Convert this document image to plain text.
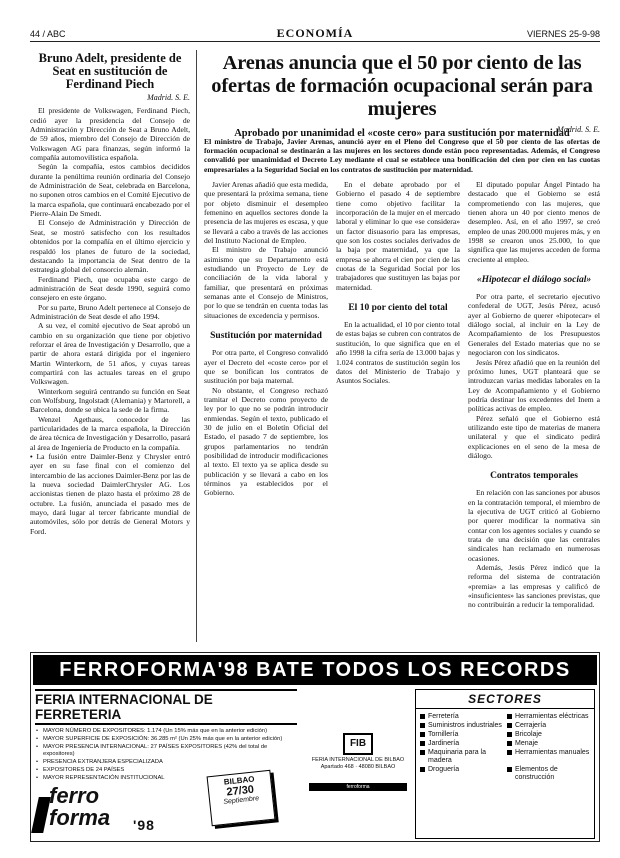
44 / ABC	ECONOMÍA	VIERNES 25-9-98
Bruno Adelt, presidente de Seat en sustitución de Ferdinand Piech
Madrid. S. E.

El presidente de Volkswagen, Ferdinand Piech, cedió ayer la presidencia del Consejo de Administración y Dirección de Seat a Bruno Adelt, de 59 años, miembro del Consejo de Dirección de Volkswagen AG para finanzas, según informó la compañía automovilística española.

Según la compañía, estos cambios decididos durante la penúltima reunión ordinaria del Consejo de Administración de Seat, celebrada en Barcelona, no suponen otros cambios en el Comité Ejecutivo de la marca española, que continuará encabezado por el Pierre-Alain De Smedt.

El Consejo de Administración y Dirección de Seat, se mostró satisfecho con los resultados obtenidos por la compañía en el último ejercicio y respaldó los planes de futuro de la sociedad, destacando la importancia de Seat dentro de la estrategia global del consorcio alemán.

Ferdinand Piech, que ocupaba este cargo de administración de Seat desde 1990, seguirá como consejero en este órgano.

Por su parte, Bruno Adelt pertenece al Consejo de Administración de Seat desde el año 1994.

A su vez, el comité ejecutivo de Seat aprobó un cambio en su organización que tiene por objetivo reforzar el área de Investigación y Desarrollo, que a partir de ahora estará dirigida por el ingeniero Martin Winterkorn, de 51 años, y cuyas tareas compartirá con las actuales tareas en el grupo Volkswagen.

Winterkorn seguirá centrando su función en Seat con Wolfsburg, Ingolstadt (Alemania) y Martorell, a Barcelona, donde se ubica la sede de la firma.

Wenzel Agethaus, conocedor de las particularidades de la marca española, la Dirección de área técnica de Investigación y Desarrollo, pasará al área de Ingeniería de Producto en la compañía.

• La fusión entre Daimler-Benz y Chrysler entró ayer en su fase final con el comienzo del intercambio de las acciones Daimler-Benz por las de la nueva sociedad DaimlerChrysler AG. Los accionistas tienen de plazo hasta el próximo 28 de octubre. La fusión, anunciada el pasado mes de mayo, dará lugar al tercer fabricante mundial de automóviles, sólo por detrás de General Motors y Ford.

Arenas anuncia que el 50 por ciento de las ofertas de formación ocupacional serán para mujeres
Aprobado por unanimidad el «coste cero» para sustitución por maternidad
Madrid. S. E.
El ministro de Trabajo, Javier Arenas, anunció ayer en el Pleno del Congreso que el 50 por ciento de las ofertas de formación ocupacional se destinarán a las mujeres en los sectores donde están poco representadas. Además, el Congreso convalidó por unanimidad el Decreto Ley mediante el cual se establece una bonificación del cien por cien en las cuotas empresariales a la Seguridad Social en los contratos de sustitución por maternidad.

Javier Arenas añadió que esta medida, que presentará la próxima semana, tiene por objeto disminuir el desempleo femenino en aquellos sectores donde la presencia de las mujeres es escasa, y que se llevará a cabo a través de las acciones del Instituto Nacional de Empleo.

El ministro de Trabajo anunció asimismo que su Departamento está estudiando un Proyecto de Ley de conciliación de la vida laboral y familiar, que presentará en próximas semanas ante el Consejo de Ministros, por lo que se tendrán en cuenta todas las situaciones de excedencia y permisos.

Sustitución por maternidad

Por otra parte, el Congreso convalidó ayer el Decreto del «coste cero» por el que se bonifican los contratos de sustitución por baja maternal.

No obstante, el Congreso rechazó tramitar el Decreto como proyecto de ley por lo que no se podrán introducir enmiendas. Según el texto, publicado el 30 de julio en el Boletín Oficial del Estado, el pasado 7 de septiembre, los grupos parlamentarios no tendrán posibilidad de introducir modificaciones al texto. El texto ya se aplica desde su publicación y se llevará a cabo en los términos ya establecidos por el Gobierno.

En el debate aprobado por el Gobierno el pasado 4 de septiembre tiene como objetivo facilitar la incorporación de la mujer en el mercado laboral y eliminar lo que «se considera» un factor disuasorio para las empresas, que son los costes sociales derivados de la baja por maternidad, ya que la empresa se ahorra el cien por cien de las cuotas de la Seguridad Social por los trabajadores que sustituyen las bajas por maternidad.

El 10 por ciento del total

En la actualidad, el 10 por ciento total de estas bajas se cubren con contratos de sustitución, lo que significa que en el año 1998 la cifra sería de 13.000 bajas y 1.024 contratos de sustitución según los datos del Ministerio de Trabajo y Asuntos Sociales.

El diputado popular Ángel Pintado ha destacado que el Gobierno se está comprometiendo con las mujeres, que tienen ahora un 40 por ciento menos de desempleo. Así, en el año 1997, se creó empleo de unas 200.000 mujeres más, y en 1998 se crearon unos 25.000, lo que significa que las mujeres acceden de forma creciente al empleo.

«Hipotecar el diálogo social»

Por otra parte, el secretario ejecutivo confederal de UGT, Jesús Pérez, acusó ayer al Gobierno de querer «hipotecar» el diálogo social, al incluir en la Ley de Acompañamiento de los Presupuestos Generales del Estado materias que no se negociaron con los sindicatos.

Jesús Pérez añadió que en la reunión del próximo lunes, UGT planteará que se introduzcan varias medidas laborales en la Ley de Acompañamiento y el Gobierno podría destinar los excedentes del Inem a políticas activas de empleo.

Pérez señaló que el Gobierno está utilizando este tipo de materias de manera unilateral y que el sindicato pedirá explicaciones en el seno de la mesa de diálogo.

Contratos temporales

En relación con las sanciones por abusos en la contratación temporal, el miembro de la ejecutiva de UGT criticó al Gobierno por querer modificar la normativa sin contar con los agentes sociales y cuando se trata de una decisión que las centrales sindicales han reclamado en numerosas ocasiones.

Además, Jesús Pérez indicó que la reforma del sistema de contratación «premia» a las empresas y calificó de «insuficientes» las sanciones previstas, que no contribuirán a reducir la temporalidad.

FERROFORMA'98 BATE TODOS LOS RECORDS
FERIA INTERNACIONAL DE FERRETERIA
• MAYOR NÚMERO DE EXPOSITORES: 1.174 (Un 15% más que en la anterior edición)
• MAYOR SUPERFICIE DE EXPOSICIÓN: 36.285 m² (Un 25% más que en la anterior edición)
• MAYOR PRESENCIA INTERNACIONAL: 27 PAÍSES EXPOSITORES (42% del total de expositores)
• PRESENCIA EXTRANJERA ESPECIALIZADA
• EXPOSITORES DE 24 PAÍSES
• MAYOR REPRESENTACIÓN INSTITUCIONAL
ferro
forma '98
BILBAO
27/30
Septiembre
FIB
FERIA INTERNACIONAL DE BILBAO
Apartado 468 · 48080 BILBAO
ferroforma
SECTORES
Ferretería	Herramientas eléctricas
Suministros industriales Cerrajería
Tornillería	Bricolaje
Jardinería	Menaje
Maquinaria para la madera
Herramientas manuales
Droguería	Elementos de construcción
